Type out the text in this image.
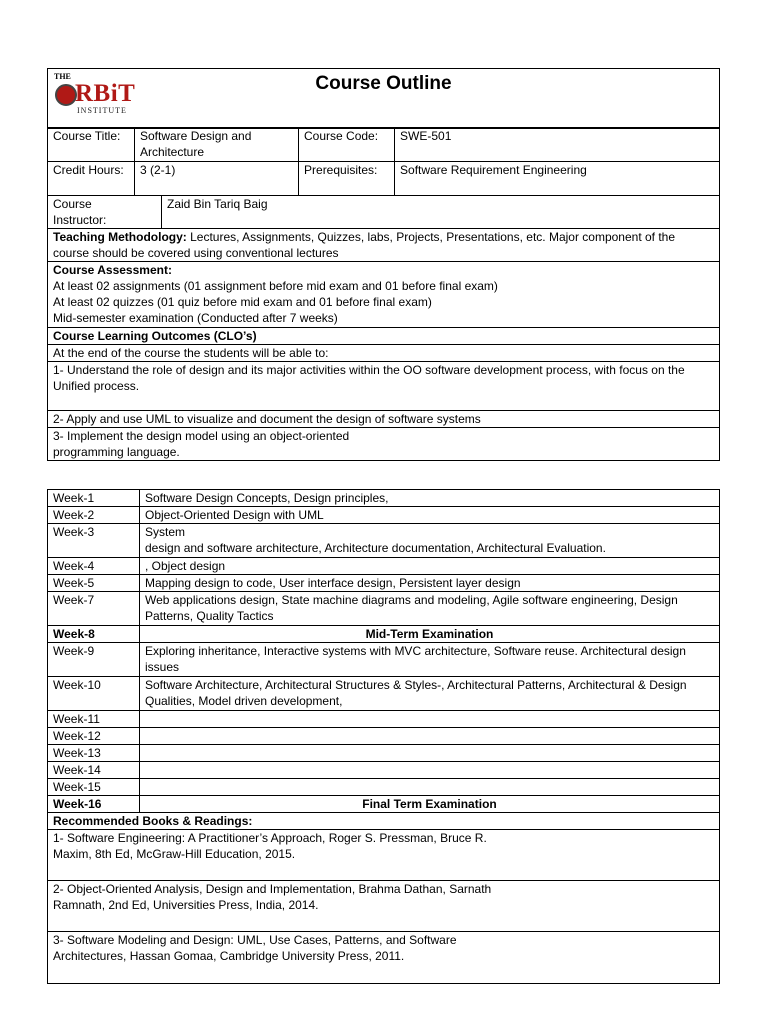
THE
RBiT
INSTITUTE
Course Outline
Course Title:	Software Design and Architecture		Course Code:	SWE-501
Credit Hours:	3 (2-1)		Prerequisites:	Software Requirement Engineering
Course Instructor:		Zaid Bin Tariq Baig		
Teaching Methodology: Lectures, Assignments, Quizzes, labs, Projects, Presentations, etc. Major component of the course should be covered using conventional lectures				

Course Assessment:
At least 02 assignments (01 assignment before mid exam and 01 before final exam)
At least 02 quizzes (01 quiz before mid exam and 01 before final exam)
Mid-semester examination (Conducted after 7 weeks)				

Course Learning Outcomes (CLO’s)				
At the end of the course the students will be able to:				
1- Understand the role of design and its major activities within the OO software development process, with focus on the Unified process.				
2- Apply and use UML to visualize and document the design of software systems				
3- Implement the design model using an object-oriented programming language.				
Week-1	Software Design Concepts, Design principles,
Week-2	Object-Oriented Design with UML
Week-3	System
design and software architecture, Architecture documentation, Architectural Evaluation.
Week-4	, Object design
Week-5	Mapping design to code, User interface design, Persistent layer design
Week-7	Web applications design, State machine diagrams and modeling, Agile software engineering, Design Patterns, Quality Tactics
Week-8	Mid-Term Examination
Week-9	Exploring inheritance, Interactive systems with MVC architecture, Software reuse. Architectural design issues
Week-10	Software Architecture, Architectural Structures & Styles-, Architectural Patterns, Architectural & Design Qualities, Model driven development,
Week-11	
Week-12	
Week-13	
Week-14	
Week-15	
Week-16	Final Term Examination
Recommended Books & Readings:	
1- Software Engineering: A Practitioner’s Approach, Roger S. Pressman, Bruce R.
Maxim, 8th Ed, McGraw-Hill Education, 2015.	
2- Object-Oriented Analysis, Design and Implementation, Brahma Dathan, Sarnath
Ramnath, 2nd Ed, Universities Press, India, 2014.	
3- Software Modeling and Design: UML, Use Cases, Patterns, and Software
Architectures, Hassan Gomaa, Cambridge University Press, 2011.	
